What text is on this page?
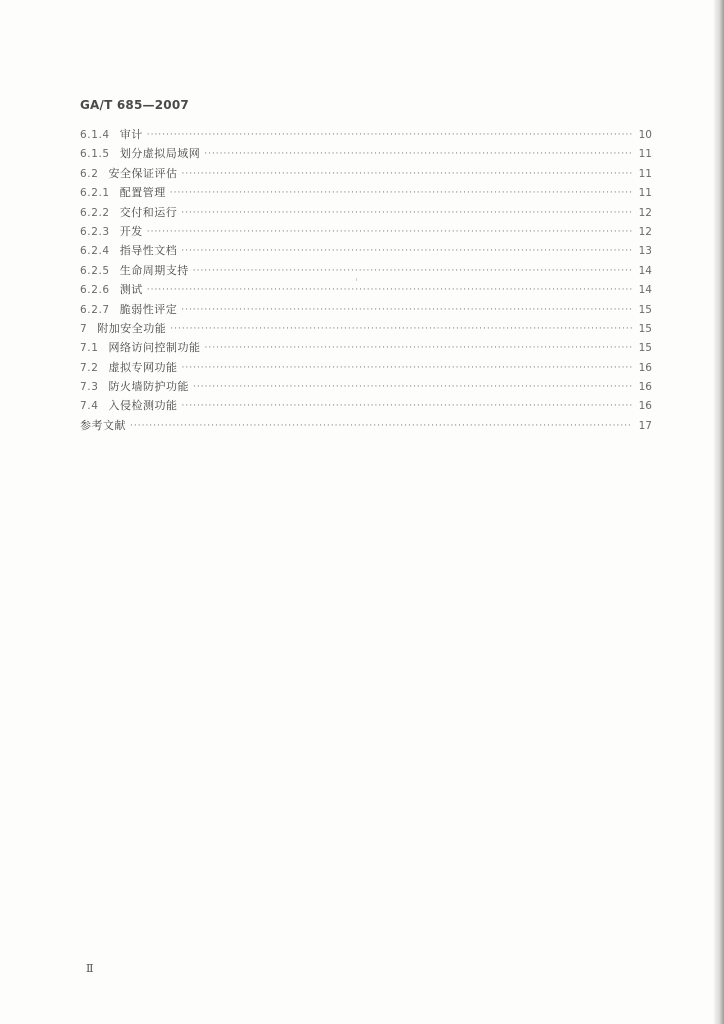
GA/T 685—2007
6.1.4 审计 ·····	10
6.1.5 划分虚拟局域网 ·····	11
6.2 安全保证评估 ·····	11
6.2.1 配置管理 ·····	11
6.2.2 交付和运行 ·····	12
6.2.3 开发 ·····	12
6.2.4 指导性文档 ·····	13
6.2.5 生命周期支持 ·····	14
6.2.6 测试 ·····	14
6.2.7 脆弱性评定 ·····	15
7 附加安全功能 ·····	15
7.1 网络访问控制功能 ·····	15
7.2 虚拟专网功能 ·····	16
7.3 防火墙防护功能 ·····	16
7.4 入侵检测功能 ·····	16
参考文献 ·····	17
Ⅱ
